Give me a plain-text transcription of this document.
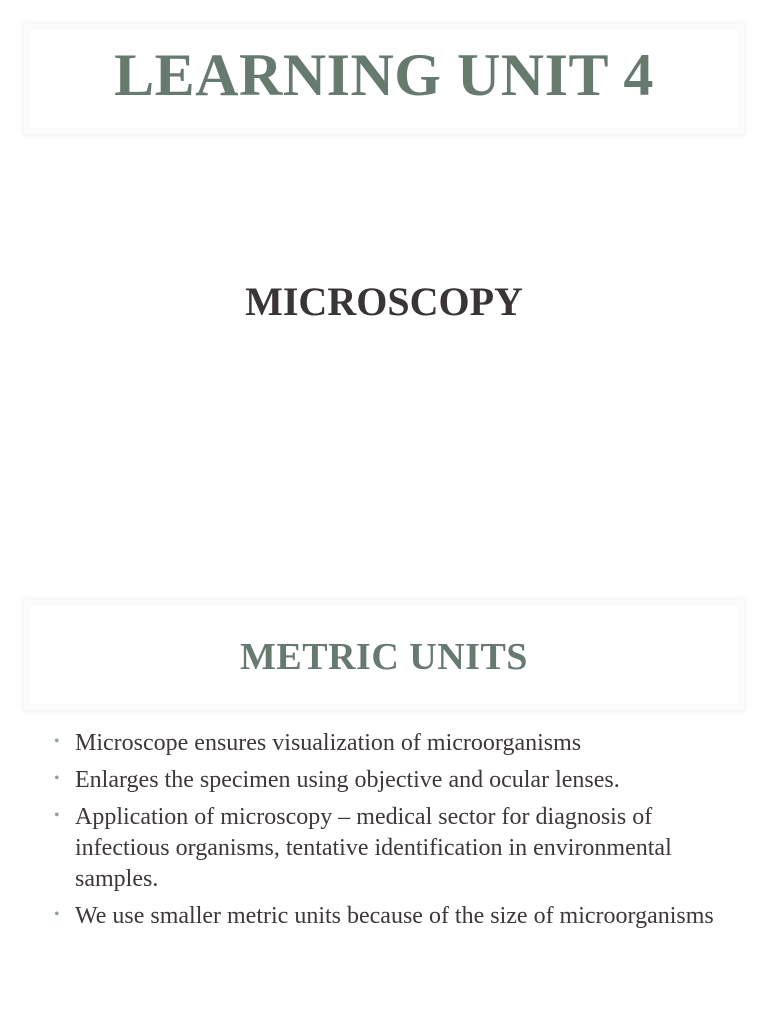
LEARNING UNIT 4
MICROSCOPY
METRIC UNITS
• Microscope ensures visualization of microorganisms
• Enlarges the specimen using objective and ocular lenses.
• Application of microscopy – medical sector for diagnosis of infectious organisms, tentative identification in environmental samples.
• We use smaller metric units because of the size of microorganisms
